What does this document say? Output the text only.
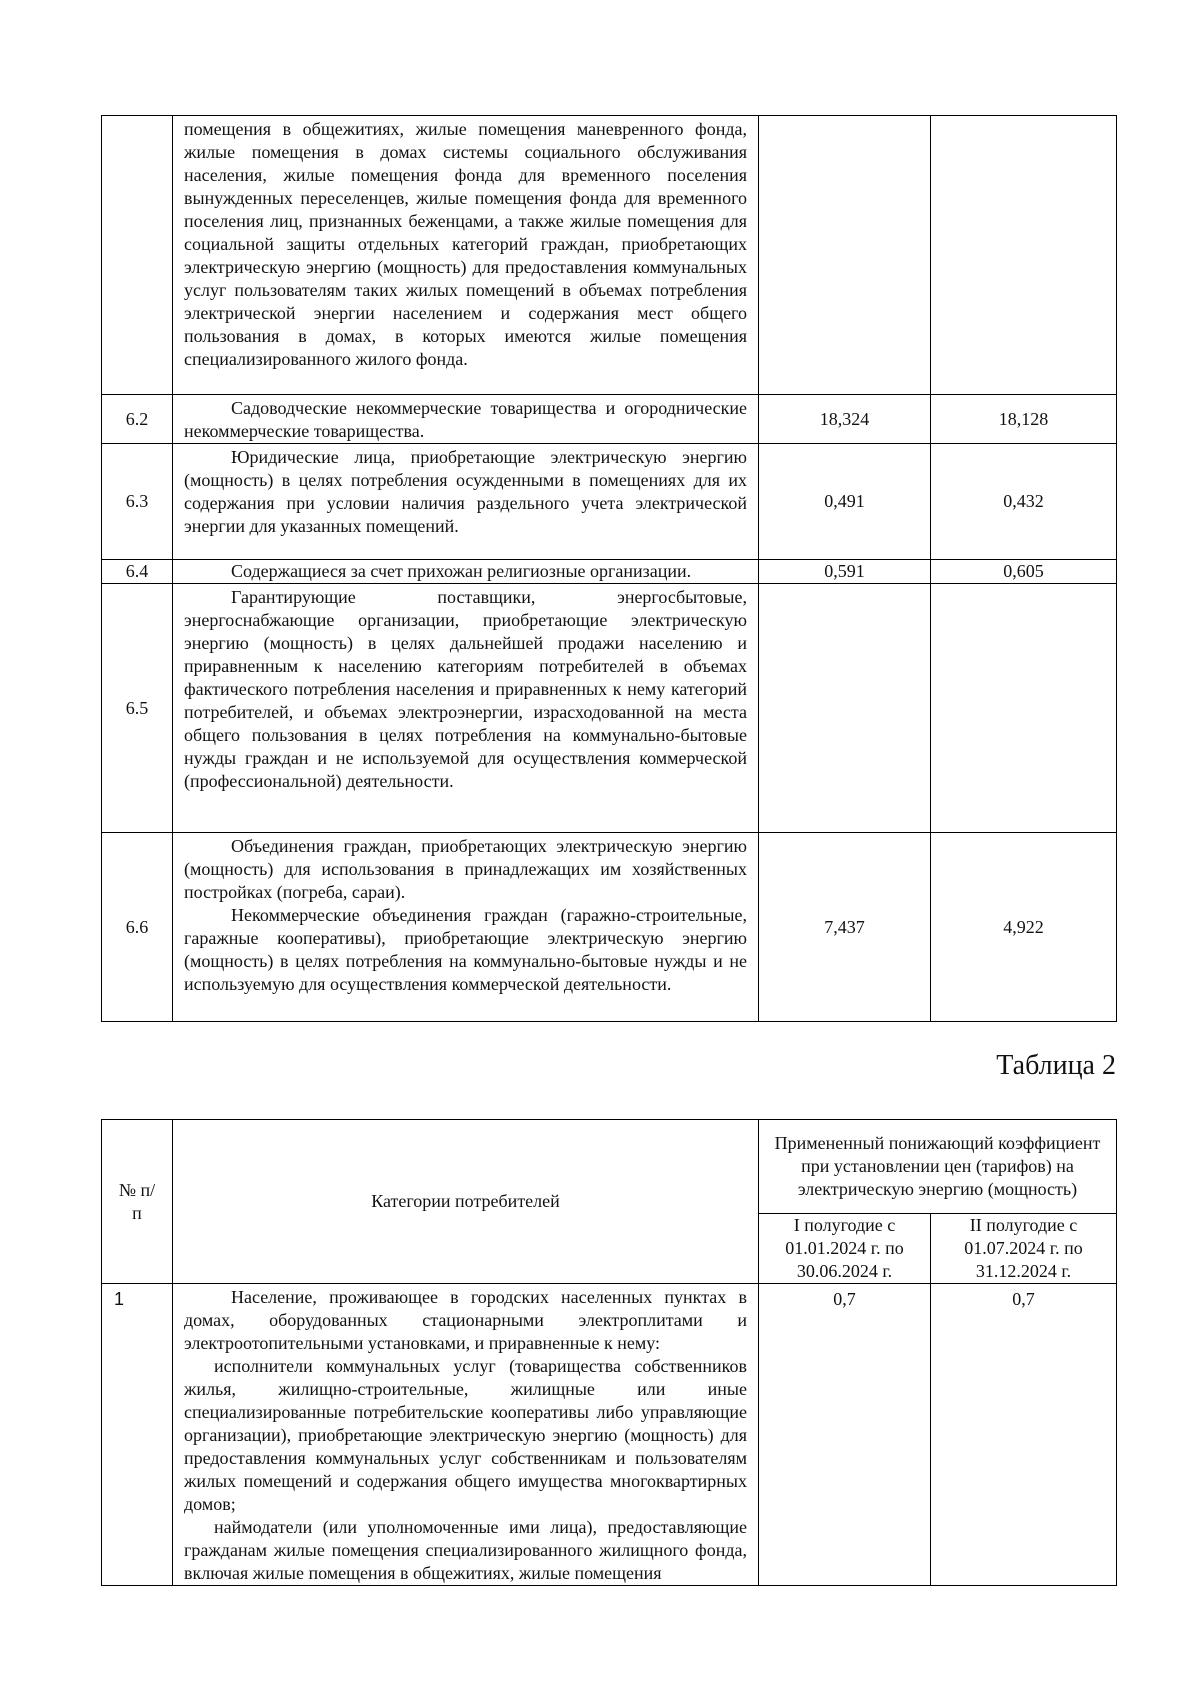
	помещения в общежитиях, жилые помещения маневренного фонда, жилые помещения в домах системы социального обслуживания населения, жилые помещения фонда для временного поселения вынужденных переселенцев, жилые помещения фонда для временного поселения лиц, признанных беженцами, а также жилые помещения для социальной защиты отдельных категорий граждан, приобретающих электрическую энергию (мощность) для предоставления коммунальных услуг пользователям таких жилых помещений в объемах потребления электрической энергии населением и содержания мест общего пользования в домах, в которых имеются жилые помещения специализированного жилого фонда.		

6.2	Садоводческие некоммерческие товарищества и огороднические некоммерческие товарищества.	18,324	18,128
6.3	Юридические лица, приобретающие электрическую энергию (мощность) в целях потребления осужденными в помещениях для их содержания при условии наличия раздельного учета электрической энергии для указанных помещений.	0,491	0,432
6.4	Содержащиеся за счет прихожан религиозные организации.	0,591	0,605
6.5	Гарантирующие поставщики, энергосбытовые, энергоснабжающие организации, приобретающие электрическую энергию (мощность) в целях дальнейшей продажи населению и приравненным к населению категориям потребителей в объемах фактического потребления населения и приравненных к нему категорий потребителей, и объемах электроэнергии, израсходованной на места общего пользования в целях потребления на коммунально-бытовые нужды граждан и не используемой для осуществления коммерческой (профессиональной) деятельности.		

6.6	Объединения граждан, приобретающих электрическую энергию (мощность) для использования в принадлежащих им хозяйственных постройках (погреба, сараи).

Некоммерческие объединения граждан (гаражно-строительные, гаражные кооперативы), приобретающие электрическую энергию (мощность) в целях потребления на коммунально-бытовые нужды и не используемую для осуществления коммерческой деятельности.	7,437	4,922
Таблица 2
№ п/п	Категории потребителей	Примененный понижающий коэффициент при установлении цен (тарифов) на электрическую энергию (мощность)	
		I полугодие с 01.01.2024 г. по 30.06.2024 г.	II полугодие с 01.07.2024 г. по 31.12.2024 г.
1	Население, проживающее в городских населенных пунктах в домах, оборудованных стационарными электроплитами и электроотопительными установками, и приравненные к нему:

исполнители коммунальных услуг (товарищества собственников жилья, жилищно-строительные, жилищные или иные специализированные потребительские кооперативы либо управляющие организации), приобретающие электрическую энергию (мощность) для предоставления коммунальных услуг собственникам и пользователям жилых помещений и содержания общего имущества многоквартирных домов;

наймодатели (или уполномоченные ими лица), предоставляющие гражданам жилые помещения специализированного жилищного фонда, включая жилые помещения в общежитиях, жилые помещения	0,7	0,7
